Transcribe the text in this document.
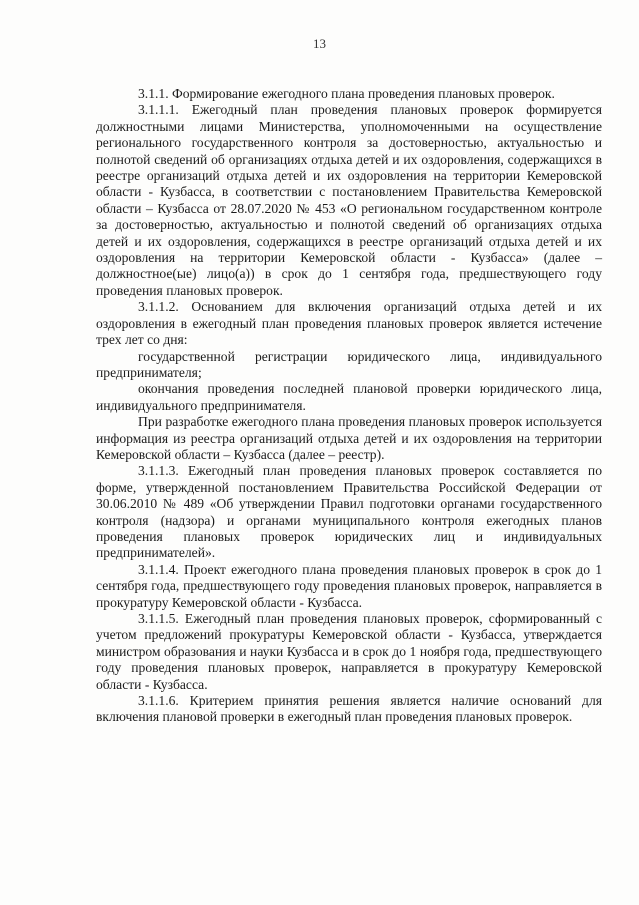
13

3.1.1. Формирование ежегодного плана проведения плановых проверок.

3.1.1.1. Ежегодный план проведения плановых проверок формируется должностными лицами Министерства, уполномоченными на осуществление регионального государственного контроля за достоверностью, актуальностью и полнотой сведений об организациях отдыха детей и их оздоровления, содержащихся в реестре организаций отдыха детей и их оздоровления на территории Кемеровской области - Кузбасса, в соответствии с постановлением Правительства Кемеровской области – Кузбасса от 28.07.2020 № 453 «О региональном государственном контроле за достоверностью, актуальностью и полнотой сведений об организациях отдыха детей и их оздоровления, содержащихся в реестре организаций отдыха детей и их оздоровления на территории Кемеровской области - Кузбасса» (далее – должностное(ые) лицо(а)) в срок до 1 сентября года, предшествующего году проведения плановых проверок.

3.1.1.2. Основанием для включения организаций отдыха детей и их оздоровления в ежегодный план проведения плановых проверок является истечение трех лет со дня:

государственной регистрации юридического лица, индивидуального предпринимателя;

окончания проведения последней плановой проверки юридического лица, индивидуального предпринимателя.

При разработке ежегодного плана проведения плановых проверок используется информация из реестра организаций отдыха детей и их оздоровления на территории Кемеровской области – Кузбасса (далее – реестр).

3.1.1.3. Ежегодный план проведения плановых проверок составляется по форме, утвержденной постановлением Правительства Российской Федерации от 30.06.2010 № 489 «Об утверждении Правил подготовки органами государственного контроля (надзора) и органами муниципального контроля ежегодных планов проведения плановых проверок юридических лиц и индивидуальных предпринимателей».

3.1.1.4. Проект ежегодного плана проведения плановых проверок в срок до 1 сентября года, предшествующего году проведения плановых проверок, направляется в прокуратуру Кемеровской области - Кузбасса.

3.1.1.5. Ежегодный план проведения плановых проверок, сформированный с учетом предложений прокуратуры Кемеровской области - Кузбасса, утверждается министром образования и науки Кузбасса и в срок до 1 ноября года, предшествующего году проведения плановых проверок, направляется в прокуратуру Кемеровской области - Кузбасса.

3.1.1.6. Критерием принятия решения является наличие оснований для включения плановой проверки в ежегодный план проведения плановых проверок.
